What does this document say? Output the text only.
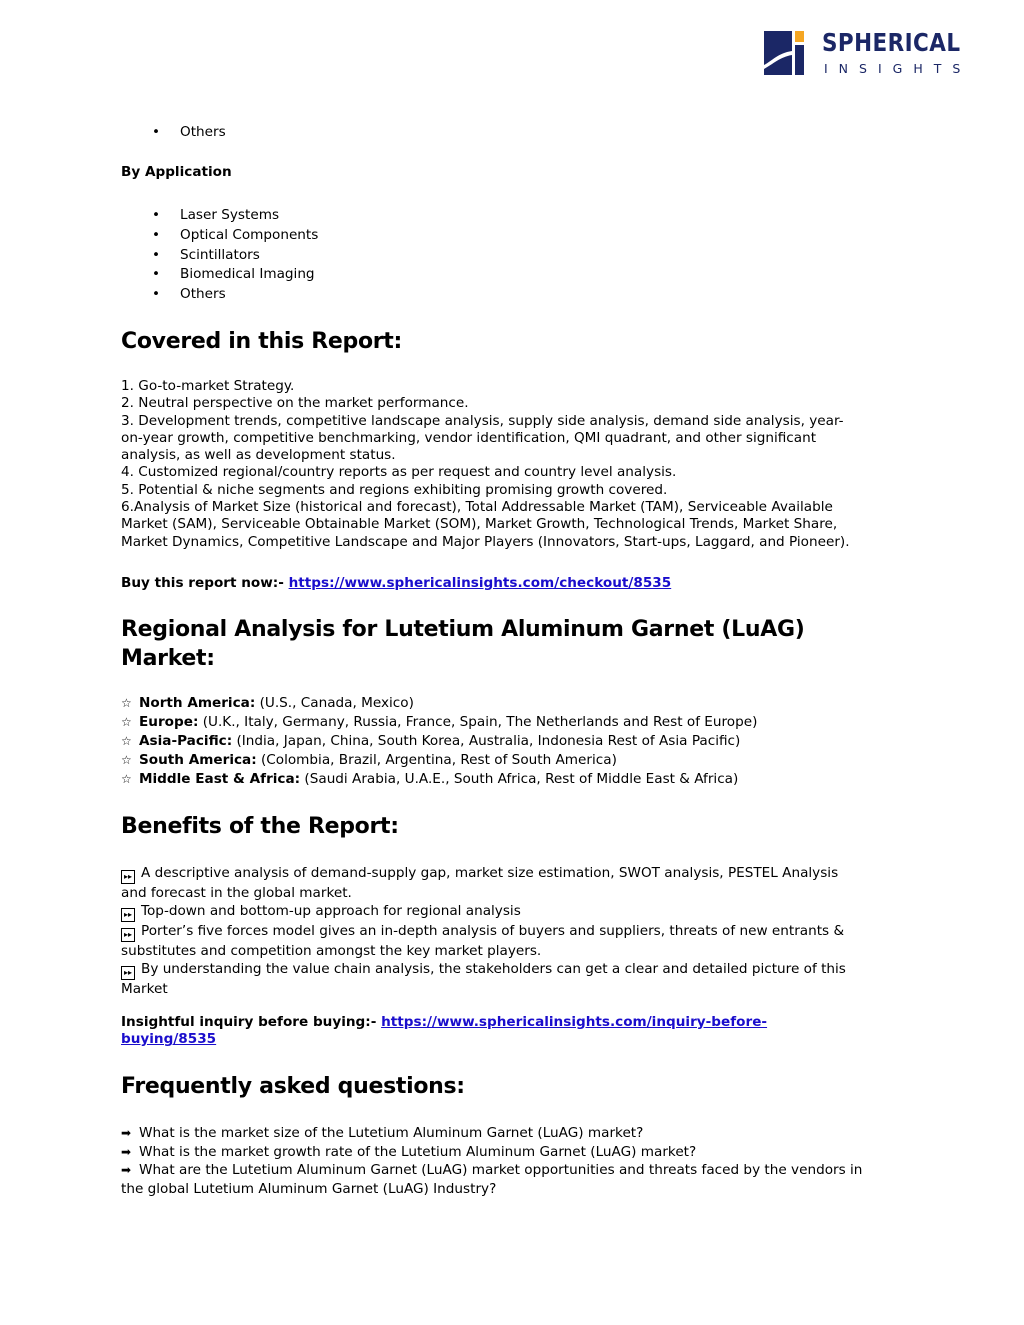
SPHERICAL
INSIGHTS
• Others
By Application
• Laser Systems
• Optical Components
• Scintillators
• Biomedical Imaging
• Others
Covered in this Report:
1. Go-to-market Strategy.
2. Neutral perspective on the market performance.
3. Development trends, competitive landscape analysis, supply side analysis, demand side analysis, year-
on-year growth, competitive benchmarking, vendor identification, QMI quadrant, and other significant
analysis, as well as development status.
4. Customized regional/country reports as per request and country level analysis.
5. Potential & niche segments and regions exhibiting promising growth covered.
6.Analysis of Market Size (historical and forecast), Total Addressable Market (TAM), Serviceable Available
Market (SAM), Serviceable Obtainable Market (SOM), Market Growth, Technological Trends, Market Share,
Market Dynamics, Competitive Landscape and Major Players (Innovators, Start-ups, Laggard, and Pioneer).
Buy this report now:- https://www.sphericalinsights.com/checkout/8535
Regional Analysis for Lutetium Aluminum Garnet (LuAG)
Market:
☆ North America: (U.S., Canada, Mexico)
☆ Europe: (U.K., Italy, Germany, Russia, France, Spain, The Netherlands and Rest of Europe)
☆ Asia-Pacific: (India, Japan, China, South Korea, Australia, Indonesia Rest of Asia Pacific)
☆ South America: (Colombia, Brazil, Argentina, Rest of South America)
☆ Middle East & Africa: (Saudi Arabia, U.A.E., South Africa, Rest of Middle East & Africa)
Benefits of the Report:
▸▸ A descriptive analysis of demand-supply gap, market size estimation, SWOT analysis, PESTEL Analysis
and forecast in the global market.
▸▸ Top-down and bottom-up approach for regional analysis
▸▸ Porter’s five forces model gives an in-depth analysis of buyers and suppliers, threats of new entrants &
substitutes and competition amongst the key market players.
▸▸ By understanding the value chain analysis, the stakeholders can get a clear and detailed picture of this
Market
Insightful inquiry before buying:- https://www.sphericalinsights.com/inquiry-before-
buying/8535
Frequently asked questions:
➡ What is the market size of the Lutetium Aluminum Garnet (LuAG) market?
➡ What is the market growth rate of the Lutetium Aluminum Garnet (LuAG) market?
➡ What are the Lutetium Aluminum Garnet (LuAG) market opportunities and threats faced by the vendors in
the global Lutetium Aluminum Garnet (LuAG) Industry?
